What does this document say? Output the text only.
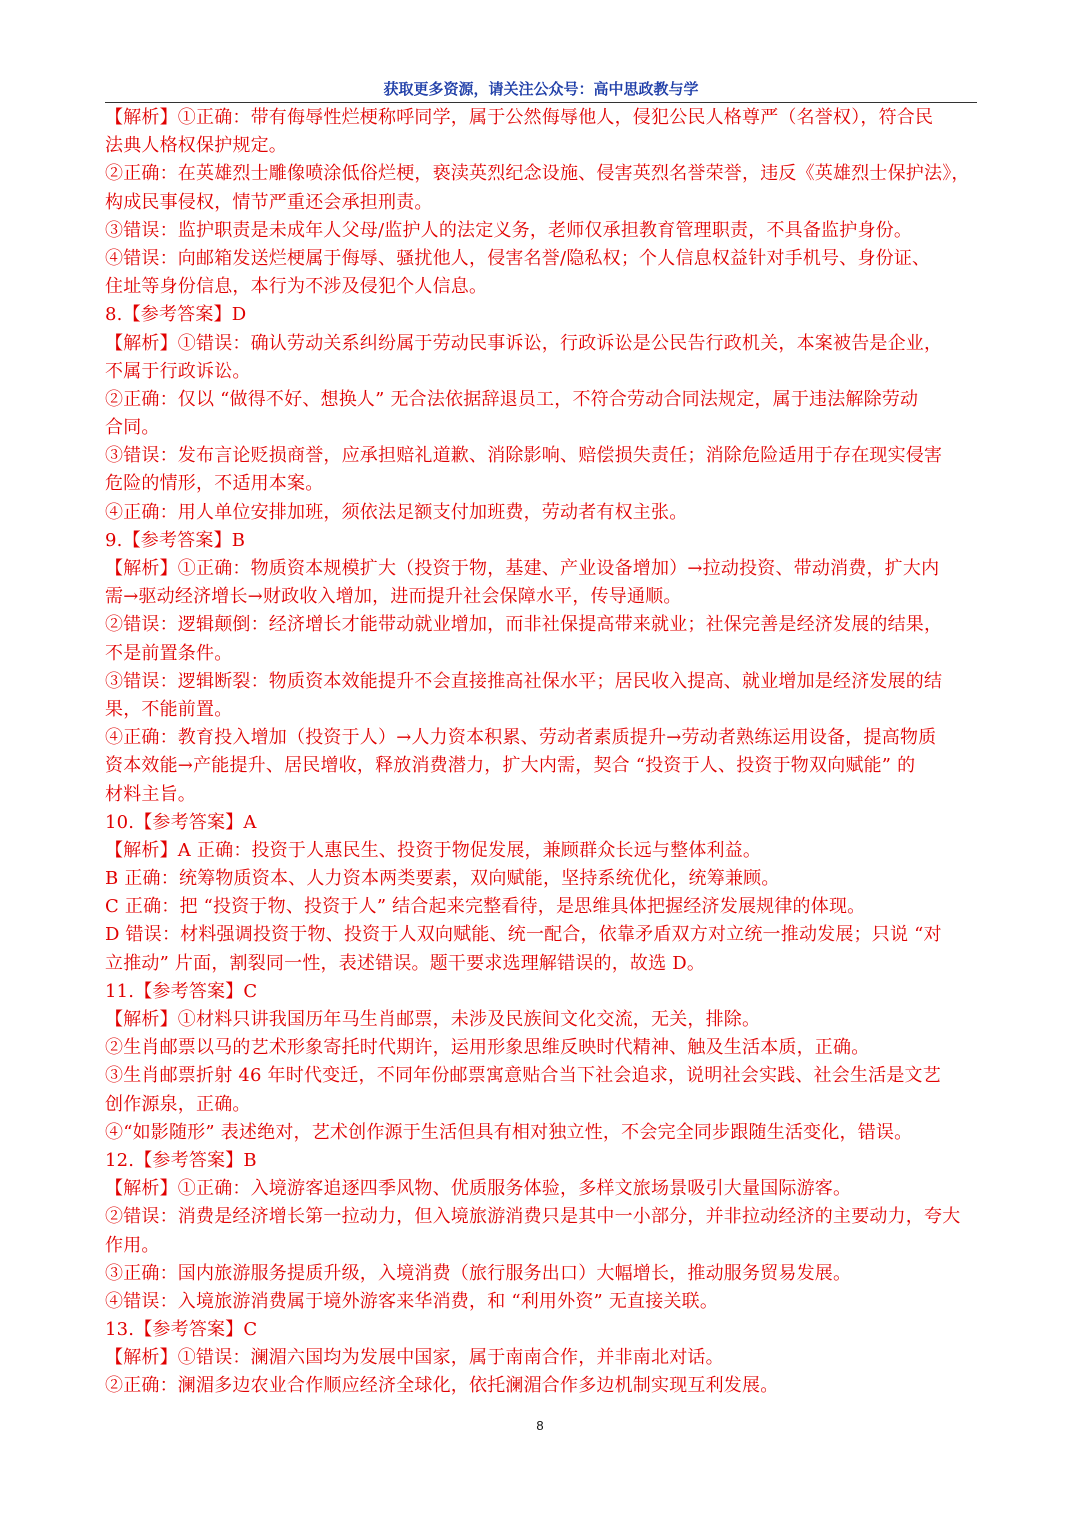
获取更多资源，请关注公众号：高中思政教与学
【解析】①正确：带有侮辱性烂梗称呼同学，属于公然侮辱他人，侵犯公民人格尊严（名誉权），符合民
法典人格权保护规定。
②正确：在英雄烈士雕像喷涂低俗烂梗，亵渎英烈纪念设施、侵害英烈名誉荣誉，违反《英雄烈士保护法》，
构成民事侵权，情节严重还会承担刑责。
③错误：监护职责是未成年人父母/监护人的法定义务，老师仅承担教育管理职责，不具备监护身份。
④错误：向邮箱发送烂梗属于侮辱、骚扰他人，侵害名誉/隐私权；个人信息权益针对手机号、身份证、
住址等身份信息，本行为不涉及侵犯个人信息。
8.【参考答案】D
【解析】①错误：确认劳动关系纠纷属于劳动民事诉讼，行政诉讼是公民告行政机关，本案被告是企业，
不属于行政诉讼。
②正确：仅以 “做得不好、想换人” 无合法依据辞退员工，不符合劳动合同法规定，属于违法解除劳动
合同。
③错误：发布言论贬损商誉，应承担赔礼道歉、消除影响、赔偿损失责任；消除危险适用于存在现实侵害
危险的情形，不适用本案。
④正确：用人单位安排加班，须依法足额支付加班费，劳动者有权主张。
9.【参考答案】B
【解析】①正确：物质资本规模扩大（投资于物，基建、产业设备增加）→拉动投资、带动消费，扩大内
需→驱动经济增长→财政收入增加，进而提升社会保障水平，传导通顺。
②错误：逻辑颠倒：经济增长才能带动就业增加，而非社保提高带来就业；社保完善是经济发展的结果，
不是前置条件。
③错误：逻辑断裂：物质资本效能提升不会直接推高社保水平；居民收入提高、就业增加是经济发展的结
果，不能前置。
④正确：教育投入增加（投资于人）→人力资本积累、劳动者素质提升→劳动者熟练运用设备，提高物质
资本效能→产能提升、居民增收，释放消费潜力，扩大内需，契合 “投资于人、投资于物双向赋能” 的
材料主旨。
10.【参考答案】A
【解析】A 正确：投资于人惠民生、投资于物促发展，兼顾群众长远与整体利益。
B 正确：统筹物质资本、人力资本两类要素，双向赋能，坚持系统优化，统筹兼顾。
C 正确：把 “投资于物、投资于人” 结合起来完整看待，是思维具体把握经济发展规律的体现。
D 错误：材料强调投资于物、投资于人双向赋能、统一配合，依靠矛盾双方对立统一推动发展；只说 “对
立推动” 片面，割裂同一性，表述错误。题干要求选理解错误的，故选 D。
11.【参考答案】C
【解析】①材料只讲我国历年马生肖邮票，未涉及民族间文化交流，无关，排除。
②生肖邮票以马的艺术形象寄托时代期许，运用形象思维反映时代精神、触及生活本质，正确。
③生肖邮票折射 46 年时代变迁，不同年份邮票寓意贴合当下社会追求，说明社会实践、社会生活是文艺
创作源泉，正确。
④“如影随形” 表述绝对，艺术创作源于生活但具有相对独立性，不会完全同步跟随生活变化，错误。
12.【参考答案】B
【解析】①正确：入境游客追逐四季风物、优质服务体验，多样文旅场景吸引大量国际游客。
②错误：消费是经济增长第一拉动力，但入境旅游消费只是其中一小部分，并非拉动经济的主要动力，夸大
作用。
③正确：国内旅游服务提质升级，入境消费（旅行服务出口）大幅增长，推动服务贸易发展。
④错误：入境旅游消费属于境外游客来华消费，和 “利用外资” 无直接关联。
13.【参考答案】C
【解析】①错误：澜湄六国均为发展中国家，属于南南合作，并非南北对话。
②正确：澜湄多边农业合作顺应经济全球化，依托澜湄合作多边机制实现互利发展。
8
